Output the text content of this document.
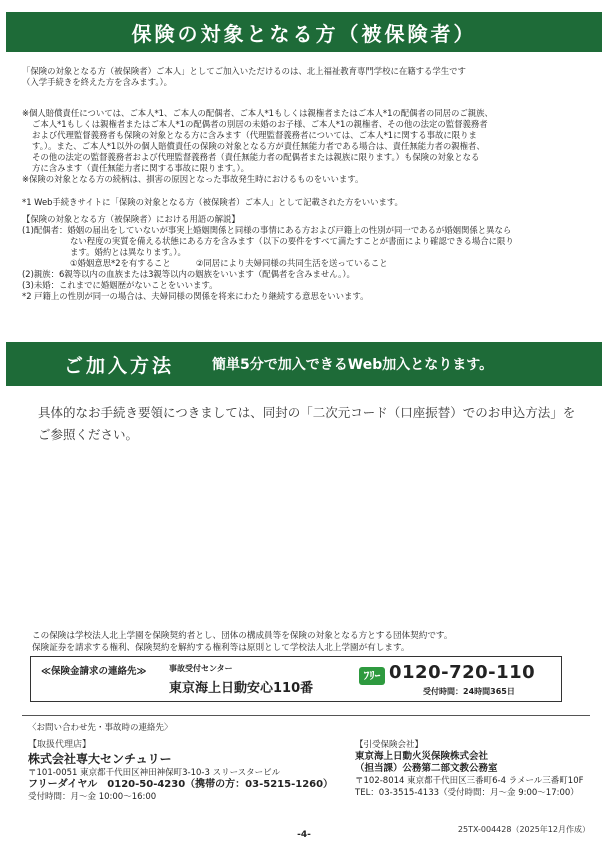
保険の対象となる方（被保険者）
「保険の対象となる方（被保険者）ご本人」としてご加入いただけるのは、北上福祉教育専門学校に在籍する学生です
（入学手続きを終えた方を含みます。）。
※個人賠償責任については、ご本人*1、ご本人の配偶者、ご本人*1もしくは親権者またはご本人*1の配偶者の同居のご親族、
ご本人*1もしくは親権者またはご本人*1の配偶者の別居の未婚のお子様、ご本人*1の親権者、その他の法定の監督義務者
および代理監督義務者も保険の対象となる方に含みます（代理監督義務者については、ご本人*1に関する事故に限りま
す。）。また、ご本人*1以外の個人賠償責任の保険の対象となる方が責任無能力者である場合は、責任無能力者の親権者、
その他の法定の監督義務者および代理監督義務者（責任無能力者の配偶者または親族に限ります。）も保険の対象となる
方に含みます（責任無能力者に関する事故に限ります。）。
※保険の対象となる方の続柄は、損害の原因となった事故発生時におけるものをいいます。
*1 Web手続きサイトに「保険の対象となる方（被保険者）ご本人」として記載された方をいいます。
【保険の対象となる方（被保険者）における用語の解説】
(1)配偶者：婚姻の届出をしていないが事実上婚姻関係と同様の事情にある方および戸籍上の性別が同一であるが婚姻関係と異なら
ない程度の実質を備える状態にある方を含みます（以下の要件をすべて満たすことが書面により確認できる場合に限り
ます。婚約とは異なります。）。
①婚姻意思*2を有すること　　　②同居により夫婦同様の共同生活を送っていること
(2)親族：6親等以内の血族または3親等以内の姻族をいいます（配偶者を含みません。）。
(3)未婚：これまでに婚姻歴がないことをいいます。
*2 戸籍上の性別が同一の場合は、夫婦同様の関係を将来にわたり継続する意思をいいます。
ご加入方法	簡単5分で加入できるWeb加入となります。
具体的なお手続き要領につきましては、同封の「二次元コード（口座振替）でのお申込方法」を
ご参照ください。
この保険は学校法人北上学園を保険契約者とし、団体の構成員等を保険の対象となる方とする団体契約です。
保険証券を請求する権利、保険契約を解約する権利等は原則として学校法人北上学園が有します。
≪保険金請求の連絡先≫	事故受付センター
東京海上日動安心110番
ﾌﾘｰ 0120-720-110
受付時間：24時間365日
〈お問い合わせ先・事故時の連絡先〉
【取扱代理店】
株式会社専大センチュリー
〒101-0051 東京都千代田区神田神保町3-10-3 スリースタービル
フリーダイヤル　0120-50-4230（携帯の方：03-5215-1260）
受付時間：月～金 10:00～16:00
【引受保険会社】
東京海上日動火災保険株式会社
（担当課）公務第二部文教公務室
〒102-8014 東京都千代田区三番町6-4 ラメール三番町10F
TEL：03-3515-4133（受付時間：月～金 9:00～17:00）
-4-
25TX-004428（2025年12月作成）
